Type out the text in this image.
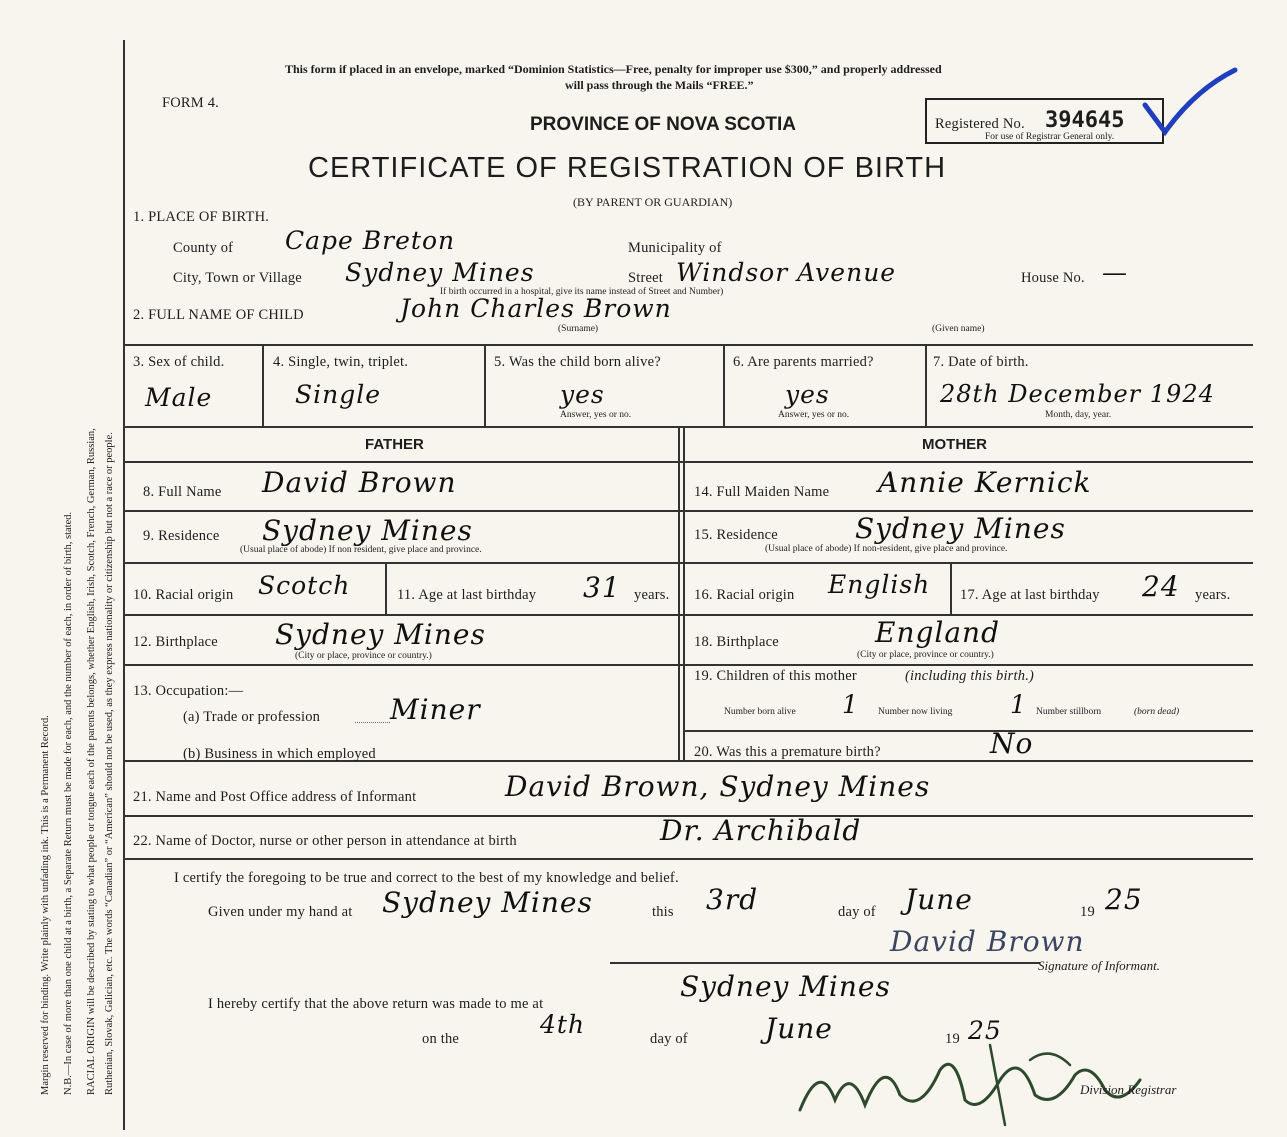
Margin reserved for binding. Write plainly with unfading ink. This is a Permanent Record. N.B.—In case of more than one child at a birth, a Separate Return must be made for each, and the number of each, in order of birth, stated. RACIAL ORIGIN will be described by stating to what people or tongue each of the parents belongs, whether English, Irish, Scotch, French, German, Russian, Ruthenian, Slovak, Galician, etc. The words “Canadian” or “American” should not be used, as they express nationality or citizenship but not a race or people.
This form if placed in an envelope, marked “Dominion Statistics—Free, penalty for improper use $300,” and properly addressed
will pass through the Mails “FREE.”
FORM 4.
Registered No. 394645
For use of Registrar General only.
PROVINCE OF NOVA SCOTIA
CERTIFICATE OF REGISTRATION OF BIRTH
(BY PARENT OR GUARDIAN)
1. PLACE OF BIRTH.
County of Cape Breton	Municipality of
City, Town or Village Sydney Mines	Street Windsor Avenue	House No. —
If birth occurred in a hospital, give its name instead of Street and Number)
2. FULL NAME OF CHILD	John Charles Brown
(Surname)	(Given name)
3. Sex of child.
Male
4. Single, twin, triplet.
Single
5. Was the child born alive?
yes
Answer, yes or no.
6. Are parents married?
yes
Answer, yes or no.
7. Date of birth.
28th December 1924
Month, day, year.
FATHER	MOTHER
8. Full Name David Brown
9. Residence Sydney Mines
(Usual place of abode) If non resident, give place and province.
10. Racial origin Scotch	11. Age at last birthday 31 years.
12. Birthplace Sydney Mines
(City or place, province or country.)
13. Occupation:—
(a) Trade or profession Miner
(b) Business in which employed
14. Full Maiden Name Annie Kernick
15. Residence	Sydney Mines
(Usual place of abode) If non-resident, give place and province.
16. Racial origin English 17. Age at last birthday 24 years.
18. Birthplace	England
(City or place, province or country.)
19. Children of this mother	(including this birth.)
Number born alive 1 Number now living 1 Number stillborn	(born dead)
20. Was this a premature birth?	No
21. Name and Post Office address of Informant	David Brown, Sydney Mines
22. Name of Doctor, nurse or other person in attendance at birth	Dr. Archibald
I certify the foregoing to be true and correct to the best of my knowledge and belief.
Given under my hand at Sydney Mines	this 3rd	day of June	19 25
David Brown
Signature of Informant.
I hereby certify that the above return was made to me at
Sydney Mines
on the	4th	day of	June	19 25
Division Registrar
